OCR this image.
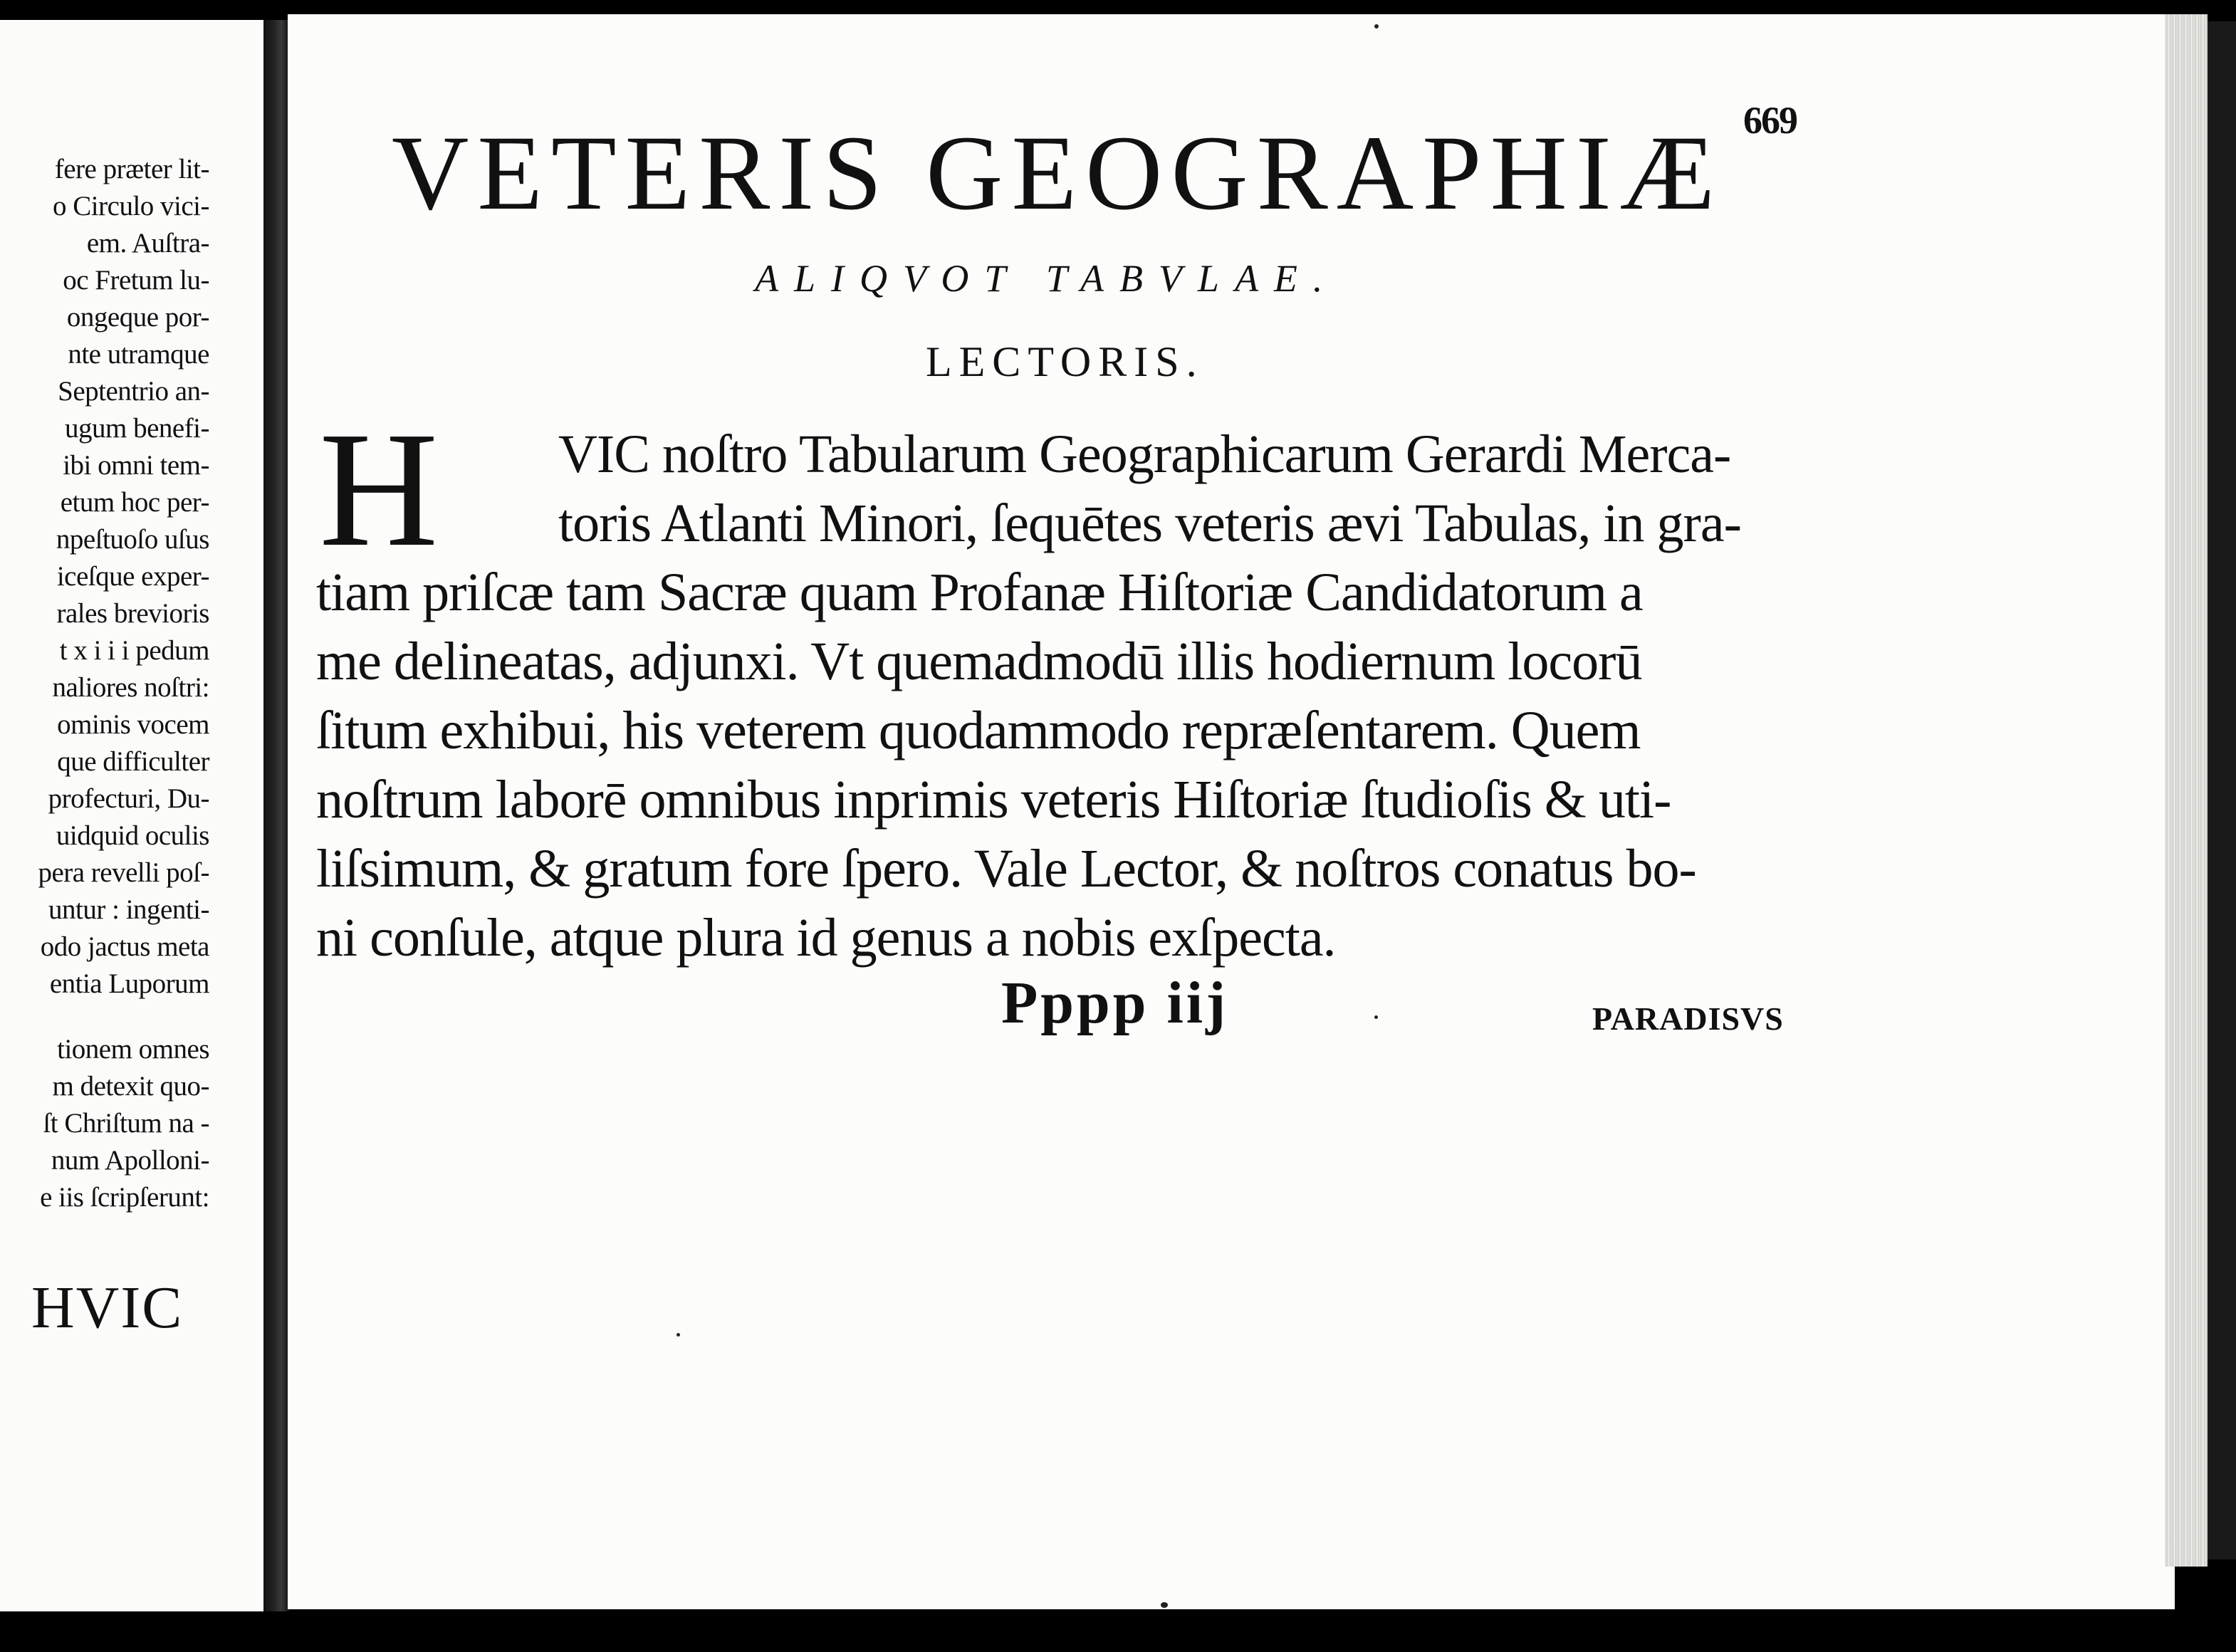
fere præter lit-
o Circulo vici-
em. Auſtra-
oc Fretum lu-
ongeque por-
nte utramque
Septentrio an-
ugum benefi-
ibi omni tem-
etum hoc per-
npeſtuoſo uſus
iceſque exper-
rales brevioris
t x i i i pedum
naliores noſtri:
ominis vocem
que difficulter
profecturi, Du-
uidquid oculis
pera revelli poſ-
untur : ingenti-
odo jactus meta
entia Luporum
tionem omnes
m detexit quo-
ſt Chriſtum na -
num Apolloni-
e iis ſcripſerunt:
HVIC
669
VETERIS GEOGRAPHIÆ
ALIQVOT TABVLAE.
LECTORIS.
H	VIC noſtro Tabularum Geographicarum Gerardi Merca-
toris Atlanti Minori, ſequētes veteris ævi Tabulas, in gra-
tiam priſcæ tam Sacræ quam Profanæ Hiſtoriæ Candidatorum a
me delineatas, adjunxi. Vt quemadmodū illis hodiernum locorū
ſitum exhibui, his veterem quodammodo repræſentarem. Quem
noſtrum laborē omnibus inprimis veteris Hiſtoriæ ſtudioſis & uti-
liſsimum, & gratum fore ſpero. Vale Lector, & noſtros conatus bo-
ni conſule, atque plura id genus a nobis exſpecta.
Pppp iij	PARADISVS
